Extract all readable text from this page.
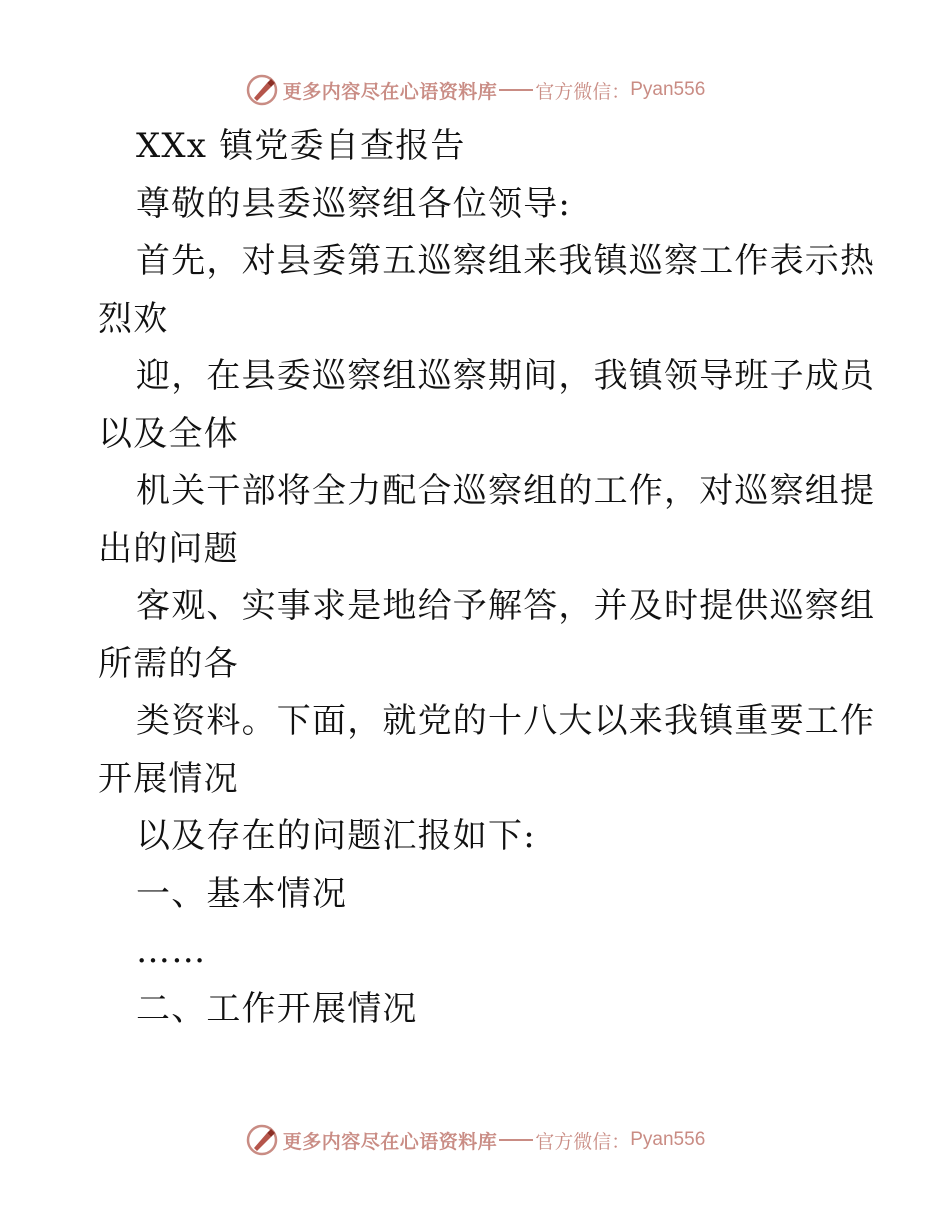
更多内容尽在心语资料库 官方微信： Pyan556
XXx 镇党委自查报告
尊敬的县委巡察组各位领导:
首先，对县委第五巡察组来我镇巡察工作表示热
烈欢
迎，在县委巡察组巡察期间，我镇领导班子成员
以及全体
机关干部将全力配合巡察组的工作，对巡察组提
出的问题
客观、实事求是地给予解答，并及时提供巡察组
所需的各
类资料。下面，就党的十八大以来我镇重要工作
开展情况
以及存在的问题汇报如下:
一、基本情况
……
二、工作开展情况
更多内容尽在心语资料库 官方微信： Pyan556
